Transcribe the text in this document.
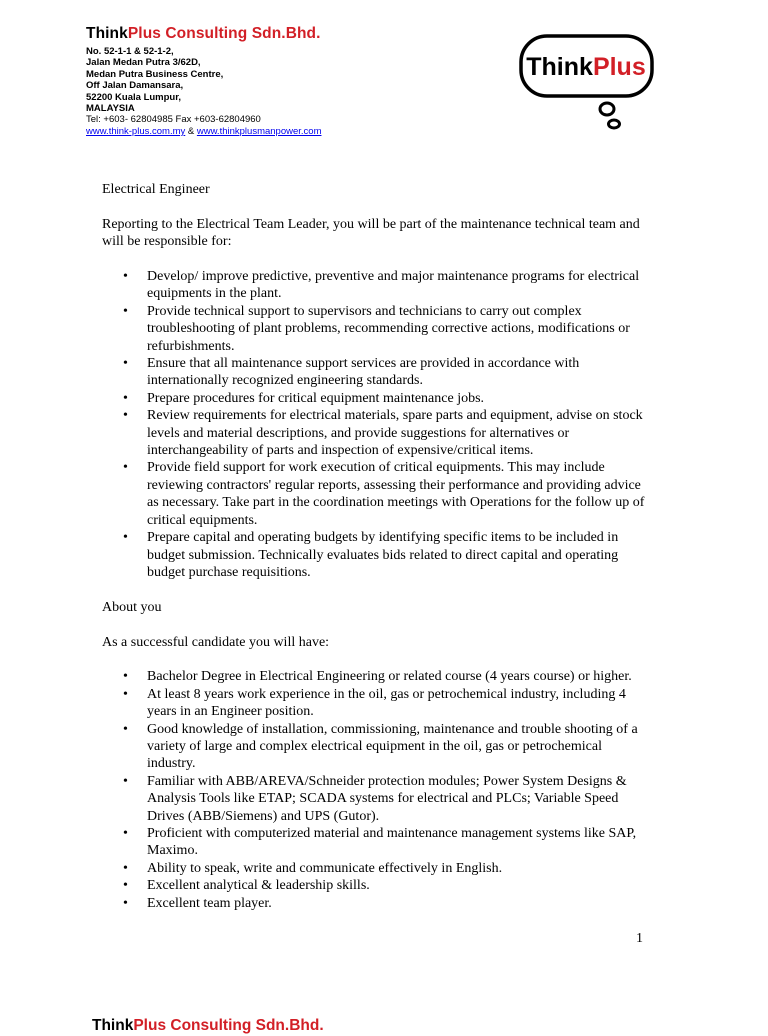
ThinkPlus Consulting Sdn.Bhd.
No. 52-1-1 & 52-1-2,
Jalan Medan Putra 3/62D,
Medan Putra Business Centre,
Off Jalan Damansara,
52200 Kuala Lumpur,
MALAYSIA
Tel: +603- 62804985 Fax +603-62804960
www.think-plus.com.my & www.thinkplusmanpower.com
ThinkPlus

Electrical Engineer

Reporting to the Electrical Team Leader, you will be part of the maintenance technical team and will be responsible for:

• Develop/ improve predictive, preventive and major maintenance programs for electrical equipments in the plant.
• Provide technical support to supervisors and technicians to carry out complex troubleshooting of plant problems, recommending corrective actions, modifications or refurbishments.
• Ensure that all maintenance support services are provided in accordance with internationally recognized engineering standards.
• Prepare procedures for critical equipment maintenance jobs.
• Review requirements for electrical materials, spare parts and equipment, advise on stock levels and material descriptions, and provide suggestions for alternatives or interchangeability of parts and inspection of expensive/critical items.
• Provide field support for work execution of critical equipments. This may include reviewing contractors' regular reports, assessing their performance and providing advice as necessary. Take part in the coordination meetings with Operations for the follow up of critical equipments.
• Prepare capital and operating budgets by identifying specific items to be included in budget submission. Technically evaluates bids related to direct capital and operating budget purchase requisitions.

About you

As a successful candidate you will have:

• Bachelor Degree in Electrical Engineering or related course (4 years course) or higher.
• At least 8 years work experience in the oil, gas or petrochemical industry, including 4 years in an Engineer position.
• Good knowledge of installation, commissioning, maintenance and trouble shooting of a variety of large and complex electrical equipment in the oil, gas or petrochemical industry.
• Familiar with ABB/AREVA/Schneider protection modules; Power System Designs & Analysis Tools like ETAP; SCADA systems for electrical and PLCs; Variable Speed Drives (ABB/Siemens) and UPS (Gutor).
• Proficient with computerized material and maintenance management systems like SAP, Maximo.
• Ability to speak, write and communicate effectively in English.
• Excellent analytical & leadership skills.
• Excellent team player.
1
ThinkPlus Consulting Sdn.Bhd.
